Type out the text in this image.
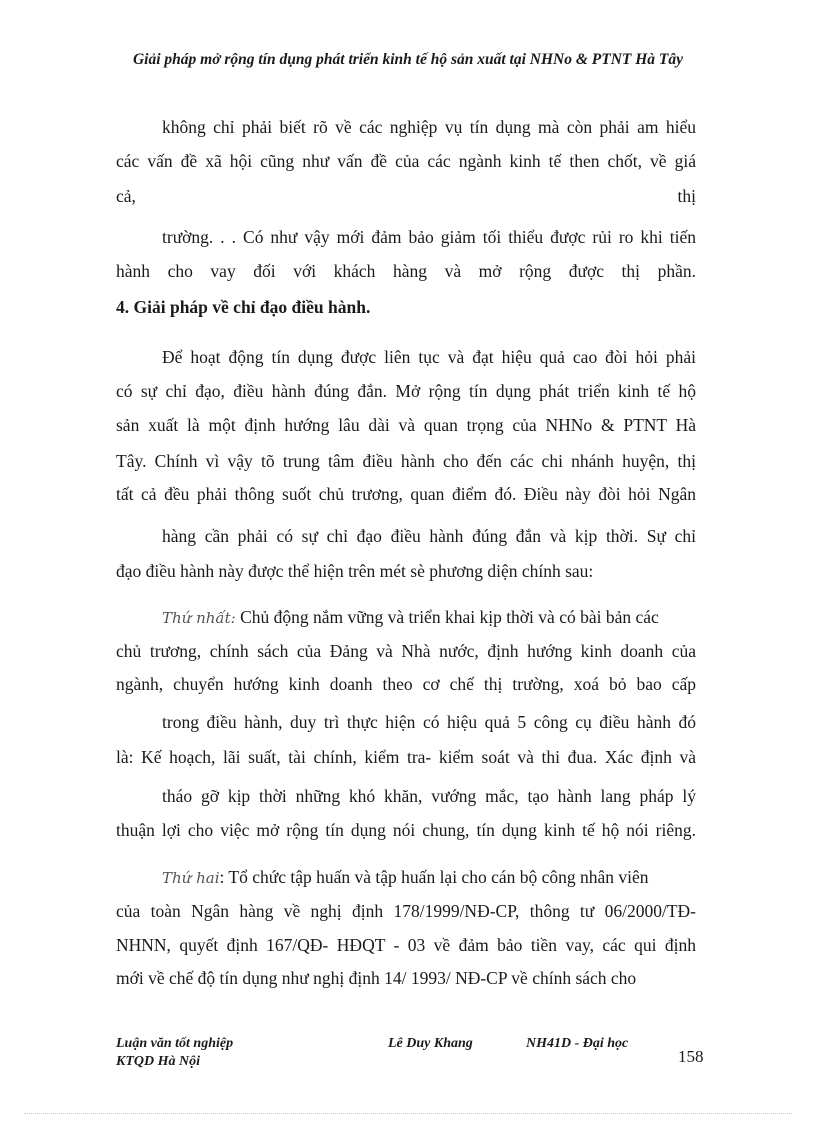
Giải pháp mở rộng tín dụng phát triển kinh tế hộ sản xuất tại NHNo & PTNT Hà Tây
không chỉ phải biết rõ về các nghiệp vụ tín dụng mà còn phải am hiểu
các vấn đề xã hội cũng như vấn đề của các ngành kinh tế then chốt, về giá
cả,	thị
trường. . . Có như vậy mới đảm bảo giảm tối thiểu được rủi ro khi tiến
hành cho vay đối với khách hàng và mở rộng được thị phần.
4. Giải pháp về chỉ đạo điều hành.
Để hoạt động tín dụng được liên tục và đạt hiệu quả cao đòi hỏi phải
có sự chỉ đạo, điều hành đúng đắn. Mở rộng tín dụng phát triển kinh tế hộ
sản xuất là một định hướng lâu dài và quan trọng của NHNo & PTNT Hà
Tây. Chính vì vậy tõ trung tâm điều hành cho đến các chi nhánh huyện, thị
tất cả đều phải thông suốt chủ trương, quan điểm đó. Điều này đòi hỏi Ngân
hàng cần phải có sự chỉ đạo điều hành đúng đắn và kịp thời. Sự chỉ
đạo điều hành này được thể hiện trên mét sè phương diện chính sau:
Thứ nhất: Chủ động nắm vững và triển khai kịp thời và có bài bản các
chủ trương, chính sách của Đảng và Nhà nước, định hướng kinh doanh của
ngành, chuyển hướng kinh doanh theo cơ chế thị trường, xoá bỏ bao cấp
trong điều hành, duy trì thực hiện có hiệu quả 5 công cụ điều hành đó
là: Kế hoạch, lãi suất, tài chính, kiểm tra- kiểm soát và thi đua. Xác định và
tháo gỡ kịp thời những khó khăn, vướng mắc, tạo hành lang pháp lý
thuận lợi cho việc mở rộng tín dụng nói chung, tín dụng kinh tế hộ nói riêng.
Thứ hai: Tổ chức tập huấn và tập huấn lại cho cán bộ công nhân viên
của toàn Ngân hàng về nghị định 178/1999/NĐ-CP, thông tư 06/2000/TĐ-
NHNN, quyết định 167/QĐ- HĐQT - 03 về đảm bảo tiền vay, các qui định
mới về chế độ tín dụng như nghị định 14/ 1993/ NĐ-CP về chính sách cho
Luận văn tốt nghiệp
KTQD Hà Nội
Lê Duy Khang	NH41D - Đại học
158
